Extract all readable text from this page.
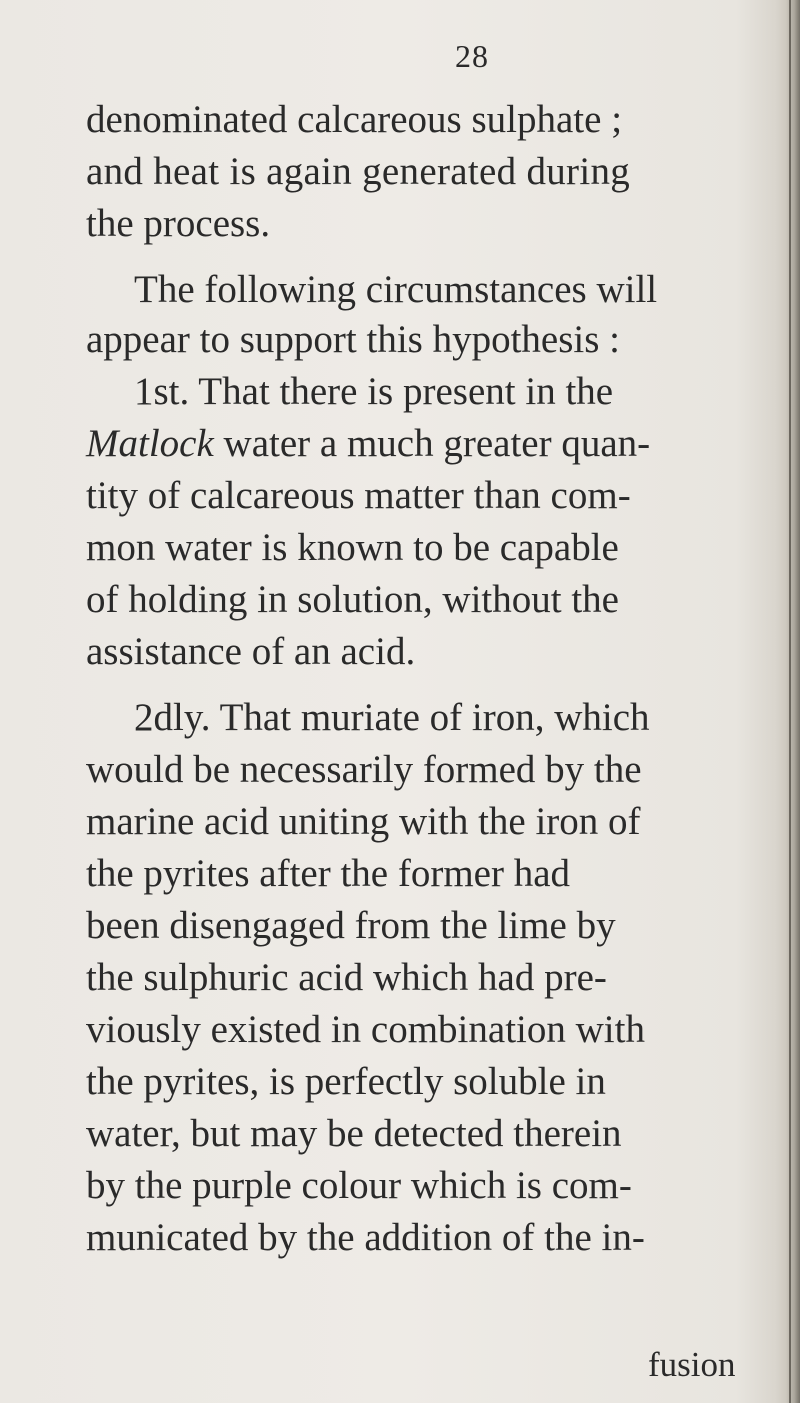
28
denominated calcareous sulphate ;
and heat is again generated during
the process.
The following circumstances will
appear to support this hypothesis :
1st. That there is present in the
Matlock water a much greater quan-
tity of calcareous matter than com-
mon water is known to be capable
of holding in solution, without the
assistance of an acid.
2dly. That muriate of iron, which
would be necessarily formed by the
marine acid uniting with the iron of
the pyrites after the former had
been disengaged from the lime by
the sulphuric acid which had pre-
viously existed in combination with
the pyrites, is perfectly soluble in
water, but may be detected therein
by the purple colour which is com-
municated by the addition of the in-
fusion
